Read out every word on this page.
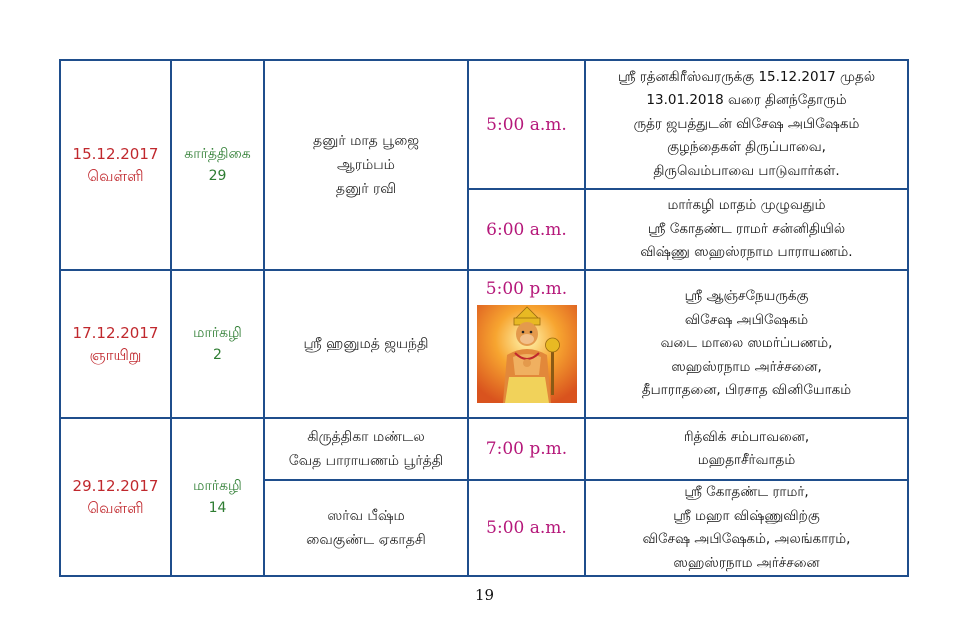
15.12.2017
வெள்ளி
கார்த்திகை
29
தனுர் மாத பூஜை
ஆரம்பம்
தனுர் ரவி
5:00 a.m.
ஸ்ரீ ரத்னகிரீஸ்வரருக்கு 15.12.2017 முதல்
13.01.2018 வரை தினந்தோரும்
ருத்ர ஜபத்துடன் விசேஷ அபிஷேகம்
குழந்தைகள் திருப்பாவை,
திருவெம்பாவை பாடுவார்கள்.
6:00 a.m.
மார்கழி மாதம் முழுவதும்
ஸ்ரீ கோதண்ட ராமர் சன்னிதியில்
விஷ்ணு ஸஹஸ்ரநாம பாராயணம்.
17.12.2017
ஞாயிறு
மார்கழி
2
ஸ்ரீ ஹனுமத் ஜயந்தி
5:00 p.m.	ஸ்ரீ ஆஞ்சநேயருக்கு
விசேஷ அபிஷேகம்
வடை மாலை ஸமர்ப்பணம்,
ஸஹஸ்ரநாம அர்ச்சனை,
தீபாராதனை, பிரசாத வினியோகம்
29.12.2017
வெள்ளி
மார்கழி
14
கிருத்திகா மண்டல
வேத பாராயணம் பூர்த்தி
7:00 p.m.
ரித்விக் சம்பாவனை,
மஹதாசீர்வாதம்
ஸர்வ பீஷ்ம
வைகுண்ட ஏகாதசி
5:00 a.m.
ஸ்ரீ கோதண்ட ராமர்,
ஸ்ரீ மஹா விஷ்ணுவிற்கு
விசேஷ அபிஷேகம், அலங்காரம்,
ஸஹஸ்ரநாம அர்ச்சனை
19
